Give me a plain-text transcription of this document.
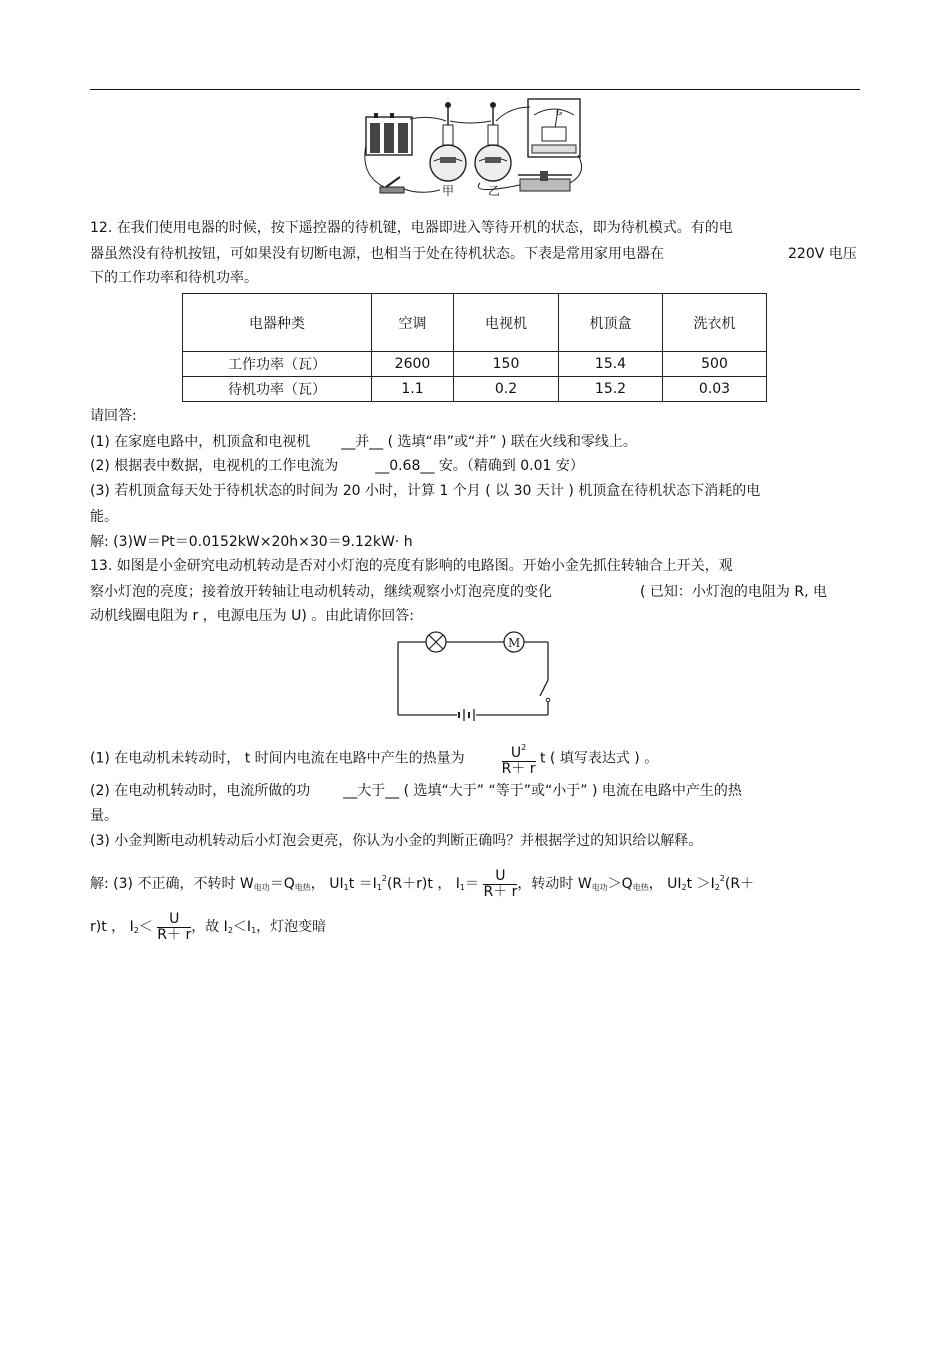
甲	乙
G
12. 在我们使用电器的时候，按下遥控器的待机键，电器即进入等待开机的状态，即为待机模式。有的电
器虽然没有待机按钮，可如果没有切断电源，也相当于处在待机状态。下表是常用家用电器在	220V 电压
下的工作功率和待机功率。
电器种类	空调	电视机	机顶盒	洗衣机
工作功率（瓦）	2600	150	15.4	500
待机功率（瓦）	1.1	0.2	15.2	0.03
请回答:
(1) 在家庭电路中，机顶盒和电视机 __并__ ( 选填“串”或“并” ) 联在火线和零线上。
(2) 根据表中数据，电视机的工作电流为	__0.68__ 安。（精确到 0.01 安）
(3) 若机顶盒每天处于待机状态的时间为 20 小时，计算 1 个月 ( 以 30 天计 ) 机顶盒在待机状态下消耗的电
能。
解: (3)W＝Pt＝0.0152kW×20h×30＝9.12kW· h
13. 如图是小金研究电动机转动是否对小灯泡的亮度有影响的电路图。开始小金先抓住转轴合上开关，观
察小灯泡的亮度；接着放开转轴让电动机转动，继续观察小灯泡亮度的变化	( 已知：小灯泡的电阻为 R, 电
动机线圈电阻为 r ，电源电压为 U) 。由此请你回答:
M
(1) 在电动机未转动时， t 时间内电流在电路中产生的热量为	$\frac{U^2}{R+ r}$ t ( 填写表达式 ) 。
(2) 在电动机转动时，电流所做的功 __大于__ ( 选填“大于” “等于”或“小于” ) 电流在电路中产生的热
量。
(3) 小金判断电动机转动后小灯泡会更亮，你认为小金的判断正确吗？并根据学过的知识给以解释。
解: (3) 不正确，不转时 $W_{电功}=Q_{电热}$， $UI_1t =I_1^2(R+r)t$ ， $I_1= \frac{U}{R+ r}$ ，转动时 $W_{电功}>Q_{电热}$， $UI_2t >I_2^2(R+$
r)t ， $I_2< \frac{U}{R+ r}$ ，故 $I_2<I_1$，灯泡变暗
